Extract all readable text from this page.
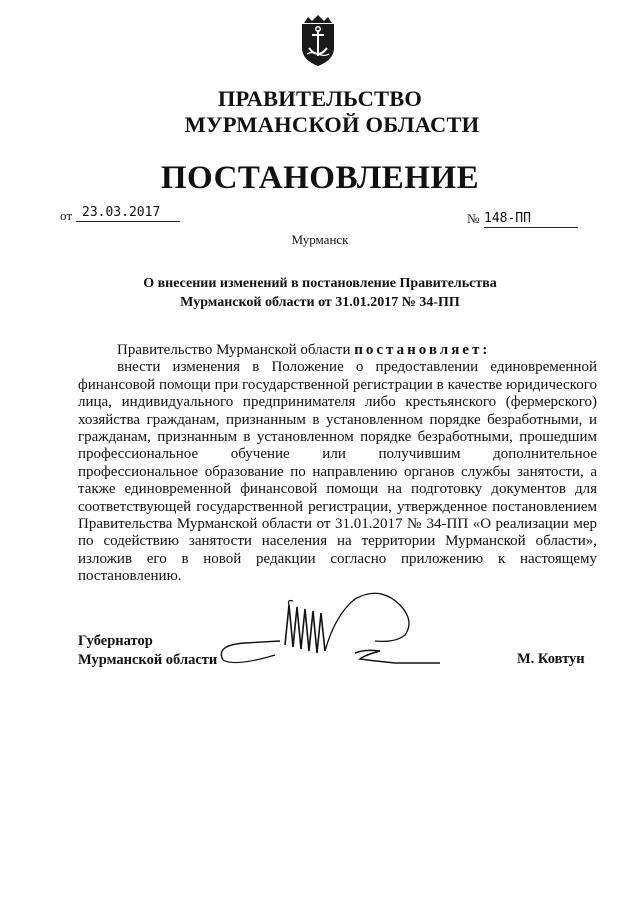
ПРАВИТЕЛЬСТВО
МУРМАНСКОЙ ОБЛАСТИ
ПОСТАНОВЛЕНИЕ
от 23.03.2017	№ 148-ПП
Мурманск
О внесении изменений в постановление Правительства
Мурманской области от 31.01.2017 № 34-ПП

Правительство Мурманской области постановляет:

внести изменения в Положение о предоставлении единовременной финансовой помощи при государственной регистрации в качестве юридического лица, индивидуального предпринимателя либо крестьянского (фермерского) хозяйства гражданам, признанным в установленном порядке безработными, и гражданам, признанным в установленном порядке безработными, прошедшим профессиональное обучение или получившим дополнительное профессиональное образование по направлению органов службы занятости, а также единовременной финансовой помощи на подготовку документов для соответствующей государственной регистрации, утвержденное постановлением Правительства Мурманской области от 31.01.2017 № 34-ПП «О реализации мер по содействию занятости населения на территории Мурманской области», изложив его в новой редакции согласно приложению к настоящему постановлению.

Губернатор
Мурманской области	М. Ковтун
